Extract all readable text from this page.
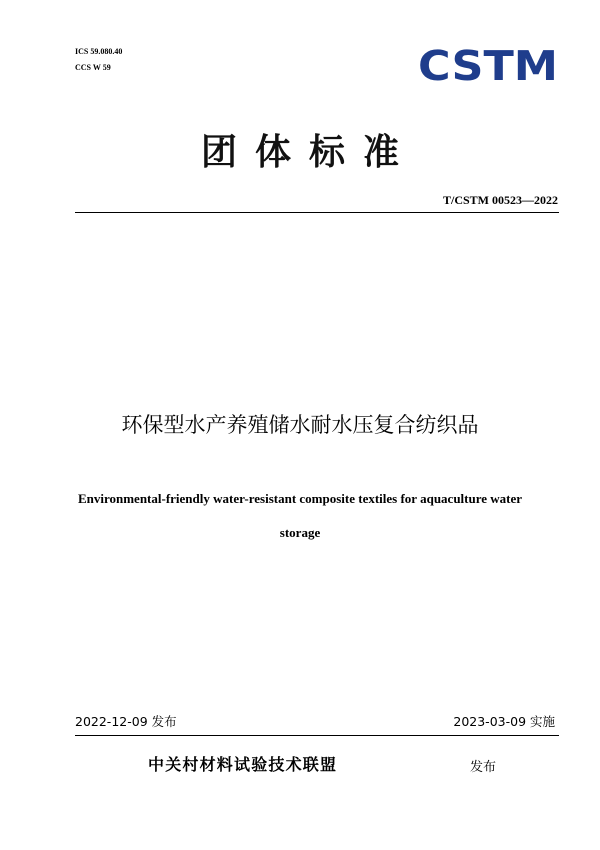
ICS 59.080.40
CCS W 59	CSTM
团体标准
T/CSTM 00523—2022
环保型水产养殖储水耐水压复合纺织品
Environmental-friendly water-resistant composite textiles for aquaculture water
storage
2022-12-09 发布	2023-03-09 实施
中关村材料试验技术联盟	发布
